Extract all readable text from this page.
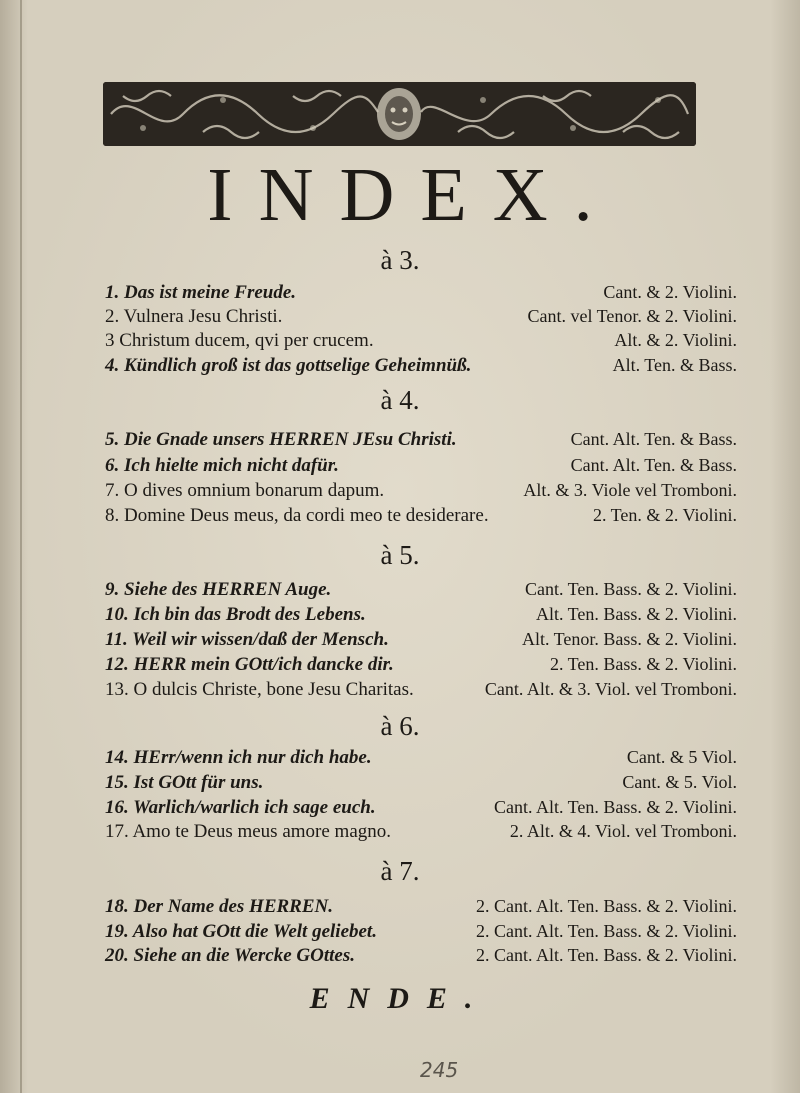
INDEX.
à 3.
1. Das ist meine Freude.	Cant. & 2. Violini.
2. Vulnera Jesu Christi.	Cant. vel Tenor. & 2. Violini.
3 Christum ducem, qvi per crucem.	Alt. & 2. Violini.
4. Kündlich groß ist das gottselige Geheimnüß.	Alt. Ten. & Bass.
à 4.
5. Die Gnade unsers HERREN JEsu Christi.	Cant. Alt. Ten. & Bass.
6. Ich hielte mich nicht dafür.	Cant. Alt. Ten. & Bass.
7. O dives omnium bonarum dapum.	Alt. & 3. Viole vel Tromboni.
8. Domine Deus meus, da cordi meo te desiderare.	2. Ten. & 2. Violini.
à 5.
9. Siehe des HERREN Auge.	Cant. Ten. Bass. & 2. Violini.
10. Ich bin das Brodt des Lebens.	Alt. Ten. Bass. & 2. Violini.
11. Weil wir wissen/daß der Mensch.	Alt. Tenor. Bass. & 2. Violini.
12. HERR mein GOtt/ich dancke dir.	2. Ten. Bass. & 2. Violini.
13. O dulcis Christe, bone Jesu Charitas.	Cant. Alt. & 3. Viol. vel Tromboni.
à 6.
14. HErr/wenn ich nur dich habe.	Cant. & 5 Viol.
15. Ist GOtt für uns.	Cant. & 5. Viol.
16. Warlich/warlich ich sage euch.	Cant. Alt. Ten. Bass. & 2. Violini.
17. Amo te Deus meus amore magno.	2. Alt. & 4. Viol. vel Tromboni.
à 7.
18. Der Name des HERREN.	2. Cant. Alt. Ten. Bass. & 2. Violini.
19. Also hat GOtt die Welt geliebet.	2. Cant. Alt. Ten. Bass. & 2. Violini.
20. Siehe an die Wercke GOttes.	2. Cant. Alt. Ten. Bass. & 2. Violini.
ENDE.
245
